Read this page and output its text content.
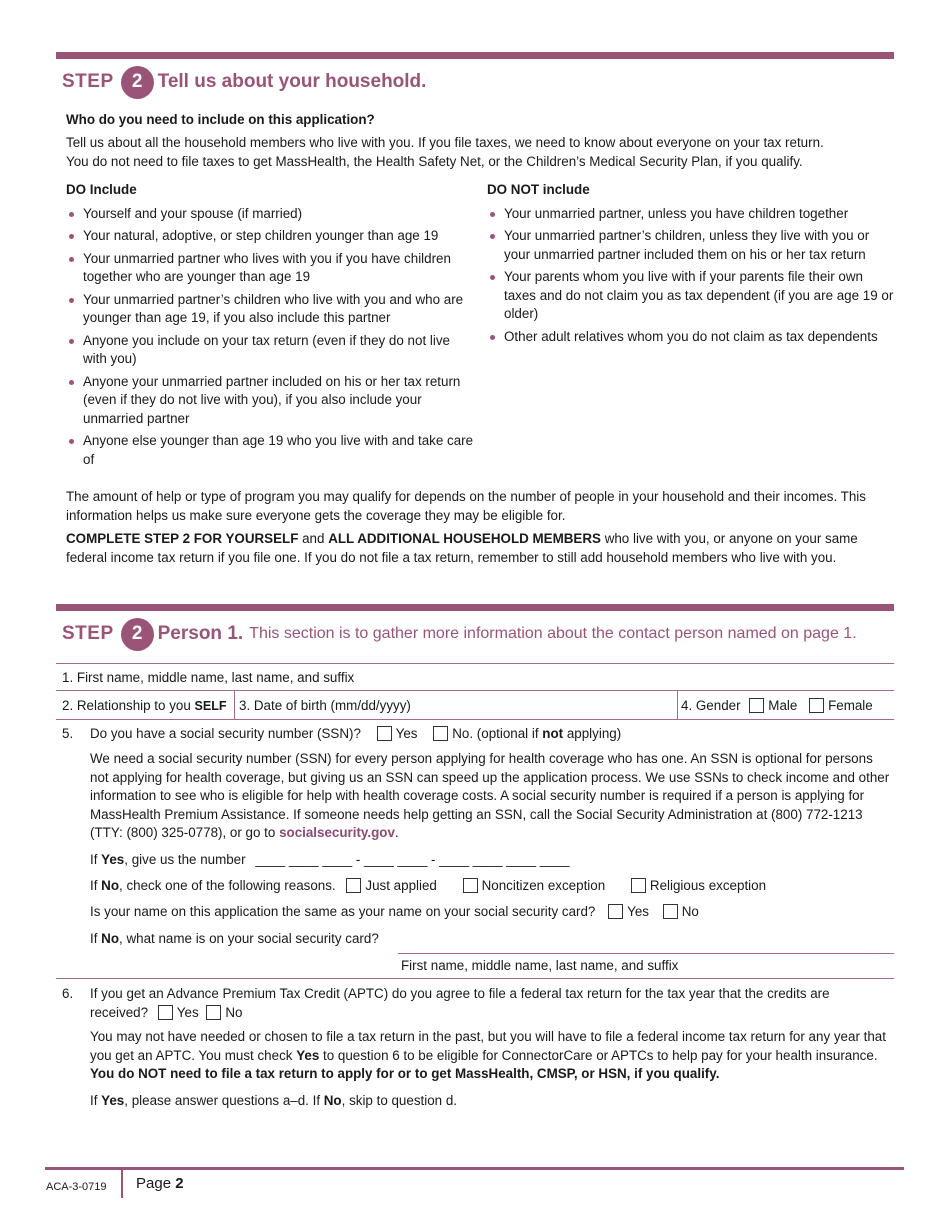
STEP 2 Tell us about your household.
Who do you need to include on this application?
Tell us about all the household members who live with you. If you file taxes, we need to know about everyone on your tax return.
You do not need to file taxes to get MassHealth, the Health Safety Net, or the Children’s Medical Security Plan, if you qualify.
DO Include
Yourself and your spouse (if married)
Your natural, adoptive, or step children younger than age 19
Your unmarried partner who lives with you if you have children together who are younger than age 19
Your unmarried partner’s children who live with you and who are younger than age 19, if you also include this partner
Anyone you include on your tax return (even if they do not live with you)
Anyone your unmarried partner included on his or her tax return (even if they do not live with you), if you also include your unmarried partner
Anyone else younger than age 19 who you live with and take care of
DO NOT include
Your unmarried partner, unless you have children together
Your unmarried partner’s children, unless they live with you or your unmarried partner included them on his or her tax return
Your parents whom you live with if your parents file their own taxes and do not claim you as tax dependent (if you are age 19 or older)
Other adult relatives whom you do not claim as tax dependents
The amount of help or type of program you may qualify for depends on the number of people in your household and their incomes. This information helps us make sure everyone gets the coverage they may be eligible for.
COMPLETE STEP 2 FOR YOURSELF and ALL ADDITIONAL HOUSEHOLD MEMBERS who live with you, or anyone on your same federal income tax return if you file one. If you do not file a tax return, remember to still add household members who live with you.
STEP 2 Person 1. This section is to gather more information about the contact person named on page 1.
1. First name, middle name, last name, and suffix
2. Relationship to you SELF 3. Date of birth (mm/dd/yyyy)	4. Gender Male Female
5. Do you have a social security number (SSN)?	Yes	No. (optional if not applying)
We need a social security number (SSN) for every person applying for health coverage who has one. An SSN is optional for persons not applying for health coverage, but giving us an SSN can speed up the application process. We use SSNs to check income and other information to see who is eligible for help with health coverage costs. A social security number is required if a person is applying for MassHealth Premium Assistance. If someone needs help getting an SSN, call the Social Security Administration at (800) 772-1213 (TTY: (800) 325-0778), or go to socialsecurity.gov.
If Yes, give us the number ____ ____ ____ - ____ ____ - ____ ____ ____ ____
If No, check one of the following reasons. Just applied	Noncitizen exception	Religious exception
Is your name on this application the same as your name on your social security card? Yes No
If No, what name is on your social security card?
First name, middle name, last name, and suffix
6. If you get an Advance Premium Tax Credit (APTC) do you agree to file a federal tax return for the tax year that the credits are received? Yes No
You may not have needed or chosen to file a tax return in the past, but you will have to file a federal income tax return for any year that you get an APTC. You must check Yes to question 6 to be eligible for ConnectorCare or APTCs to help pay for your health insurance. You do NOT need to file a tax return to apply for or to get MassHealth, CMSP, or HSN, if you qualify.
If Yes, please answer questions a–d. If No, skip to question d.
ACA-3-0719 Page 2
